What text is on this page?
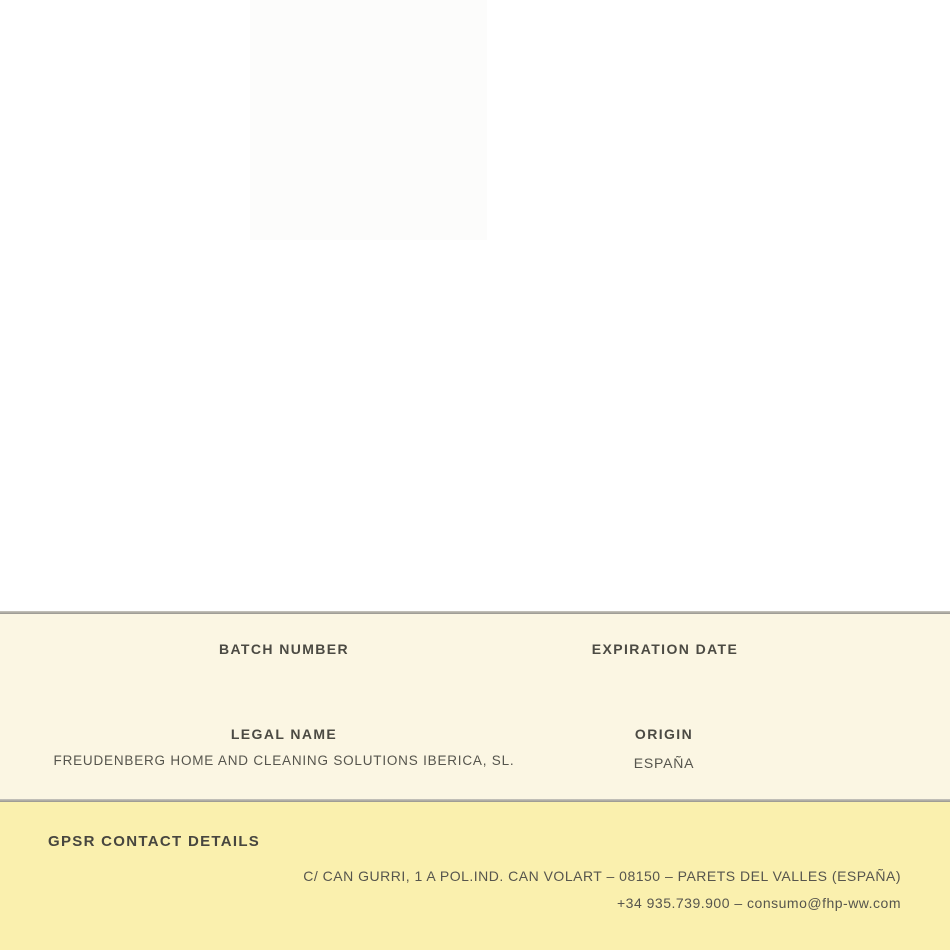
BATCH NUMBER	EXPIRATION DATE
LEGAL NAME
FREUDENBERG HOME AND CLEANING SOLUTIONS IBERICA, SL.
ORIGIN
ESPAÑA
GPSR CONTACT DETAILS
C/ CAN GURRI, 1 A POL.IND. CAN VOLART – 08150 – PARETS DEL VALLES (ESPAÑA)
+34 935.739.900 – consumo@fhp-ww.com
